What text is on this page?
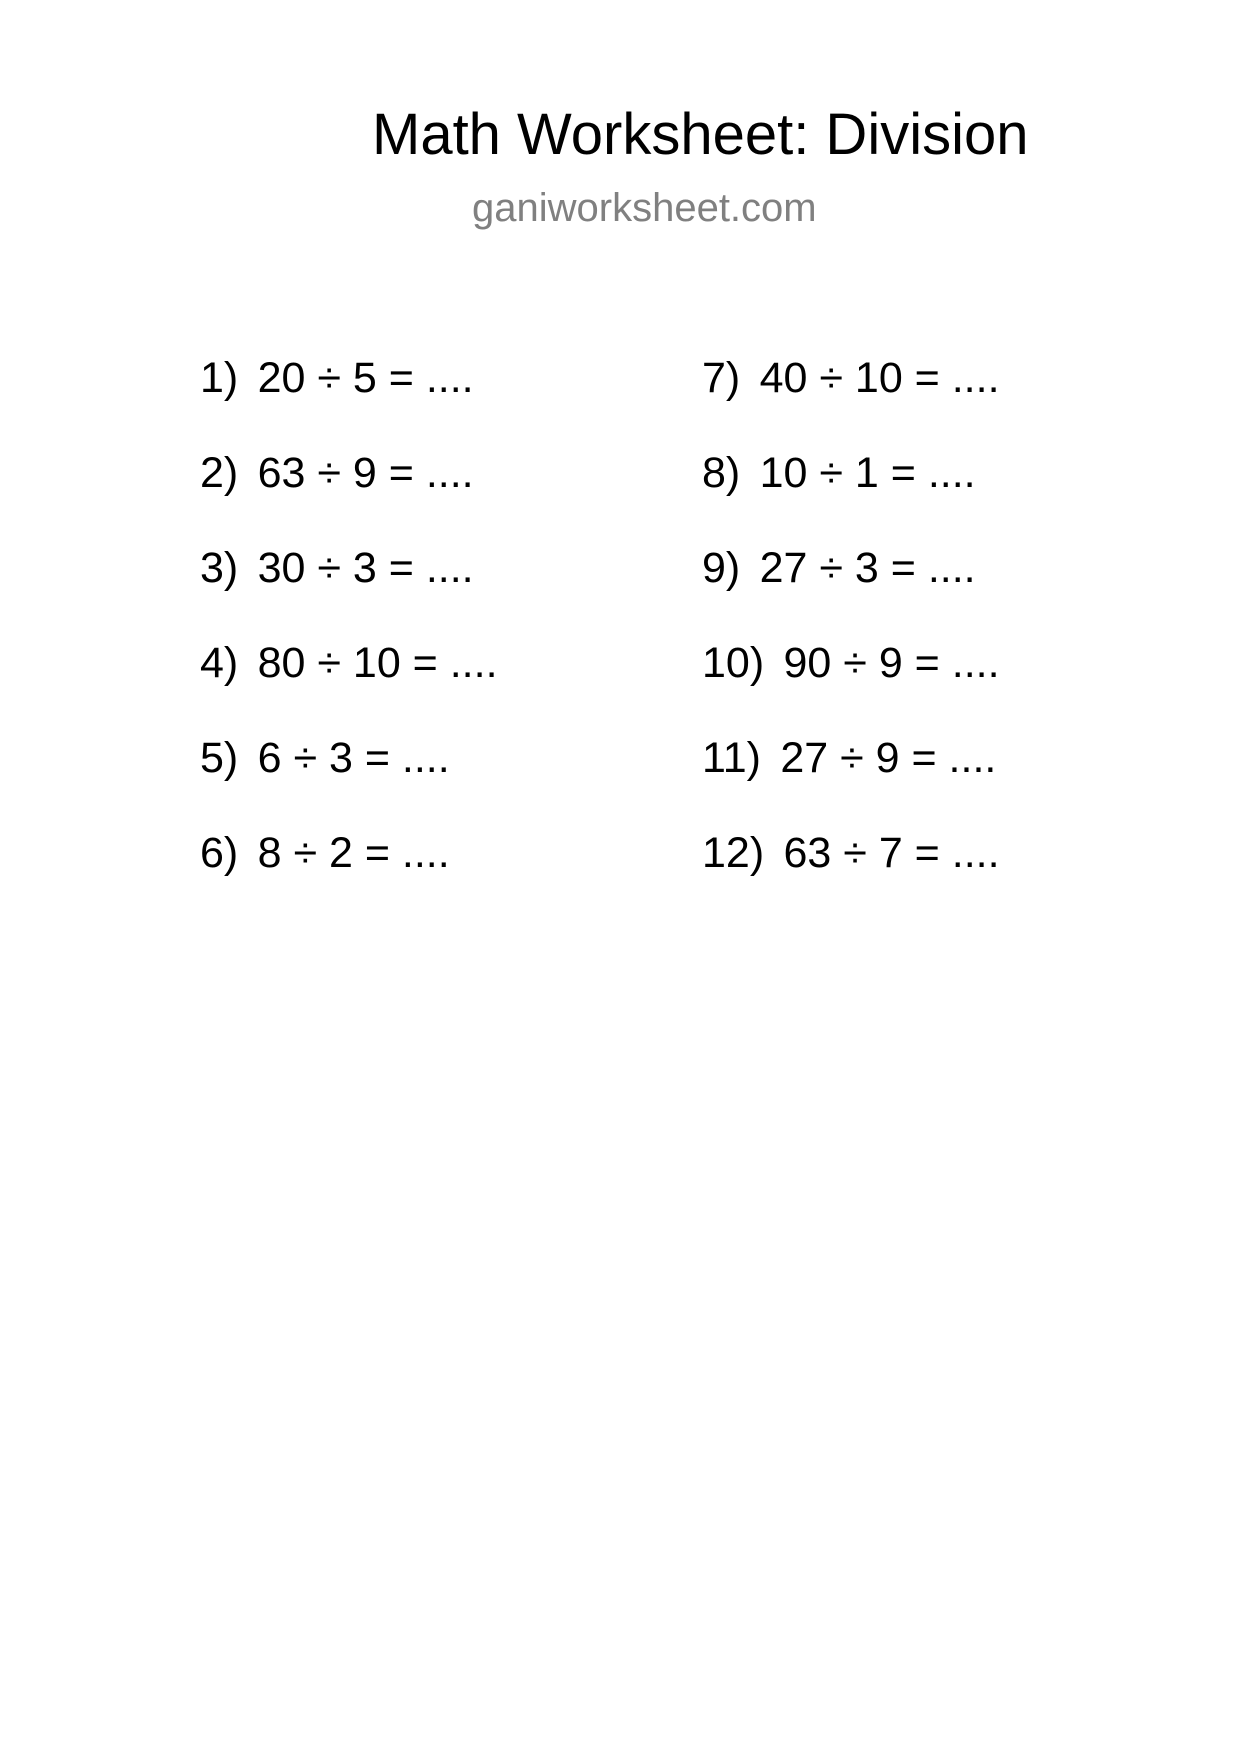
Math Worksheet: Division
ganiworksheet.com
1) 20 ÷ 5 = ....
2) 63 ÷ 9 = ....
3) 30 ÷ 3 = ....
4) 80 ÷ 10 = ....
5) 6 ÷ 3 = ....
6) 8 ÷ 2 = ....
7) 40 ÷ 10 = ....
8) 10 ÷ 1 = ....
9) 27 ÷ 3 = ....
10) 90 ÷ 9 = ....
11) 27 ÷ 9 = ....
12) 63 ÷ 7 = ....
